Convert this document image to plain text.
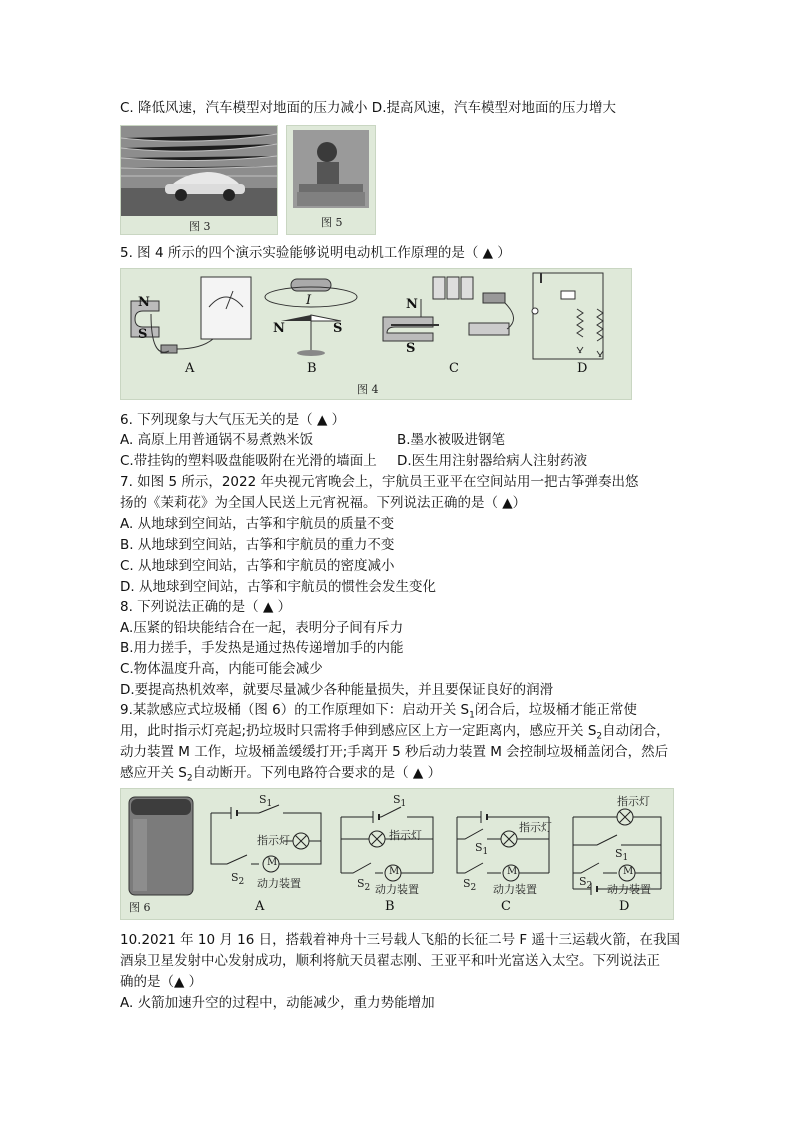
C. 降低风速，汽车模型对地面的压力减小 D.提高风速，汽车模型对地面的压力增大
图 3	图 5
5. 图 4 所示的四个演示实验能够说明电动机工作原理的是（ ▲ ）
N
S
I
N	S
N
S
A	B	C	D
图 4
6. 下列现象与大气压无关的是（ ▲ ）
A. 高原上用普通锅不易煮熟米饭	B.墨水被吸进钢笔
C.带挂钩的塑料吸盘能吸附在光滑的墙面上 D.医生用注射器给病人注射药液
7. 如图 5 所示，2022 年央视元宵晚会上，宇航员王亚平在空间站用一把古筝弹奏出悠
扬的《茉莉花》为全国人民送上元宵祝福。下列说法正确的是（ ▲）
A. 从地球到空间站，古筝和宇航员的质量不变
B. 从地球到空间站，古筝和宇航员的重力不变
C. 从地球到空间站，古筝和宇航员的密度减小
D. 从地球到空间站，古筝和宇航员的惯性会发生变化
8. 下列说法正确的是（ ▲ ）
A.压紧的铅块能结合在一起，表明分子间有斥力
B.用力搓手，手发热是通过热传递增加手的内能
C.物体温度升高，内能可能会减少
D.要提高热机效率，就要尽量减少各种能量损失，并且要保证良好的润滑
9.某款感应式垃圾桶（图 6）的工作原理如下：启动开关 $S_1$闭合后，垃圾桶才能正常使
用，此时指示灯亮起;扔垃圾时只需将手伸到感应区上方一定距离内，感应开关 $S_2$自动闭合，
动力装置 M 工作，垃圾桶盖缓缓打开;手离开 5 秒后动力装置 M 会控制垃圾桶盖闭合，然后
感应开关 $S_2$自动断开。下列电路符合要求的是（ ▲ ）
$S_1$
指示灯
$S_2$
M
动力装置
$S_1$
指示灯
$S_2$
M
动力装置
指示灯
$S_1$
$S_2$
M
动力装置
指示灯
$S_1$
$S_2$
M
动力装置
图 6	A	B	C	D
10.2021 年 10 月 16 日，搭载着神舟十三号载人飞船的长征二号 F 遥十三运载火箭，在我国
酒泉卫星发射中心发射成功，顺利将航天员翟志刚、王亚平和叶光富送入太空。下列说法正
确的是（▲ ）
A. 火箭加速升空的过程中，动能减少，重力势能增加
